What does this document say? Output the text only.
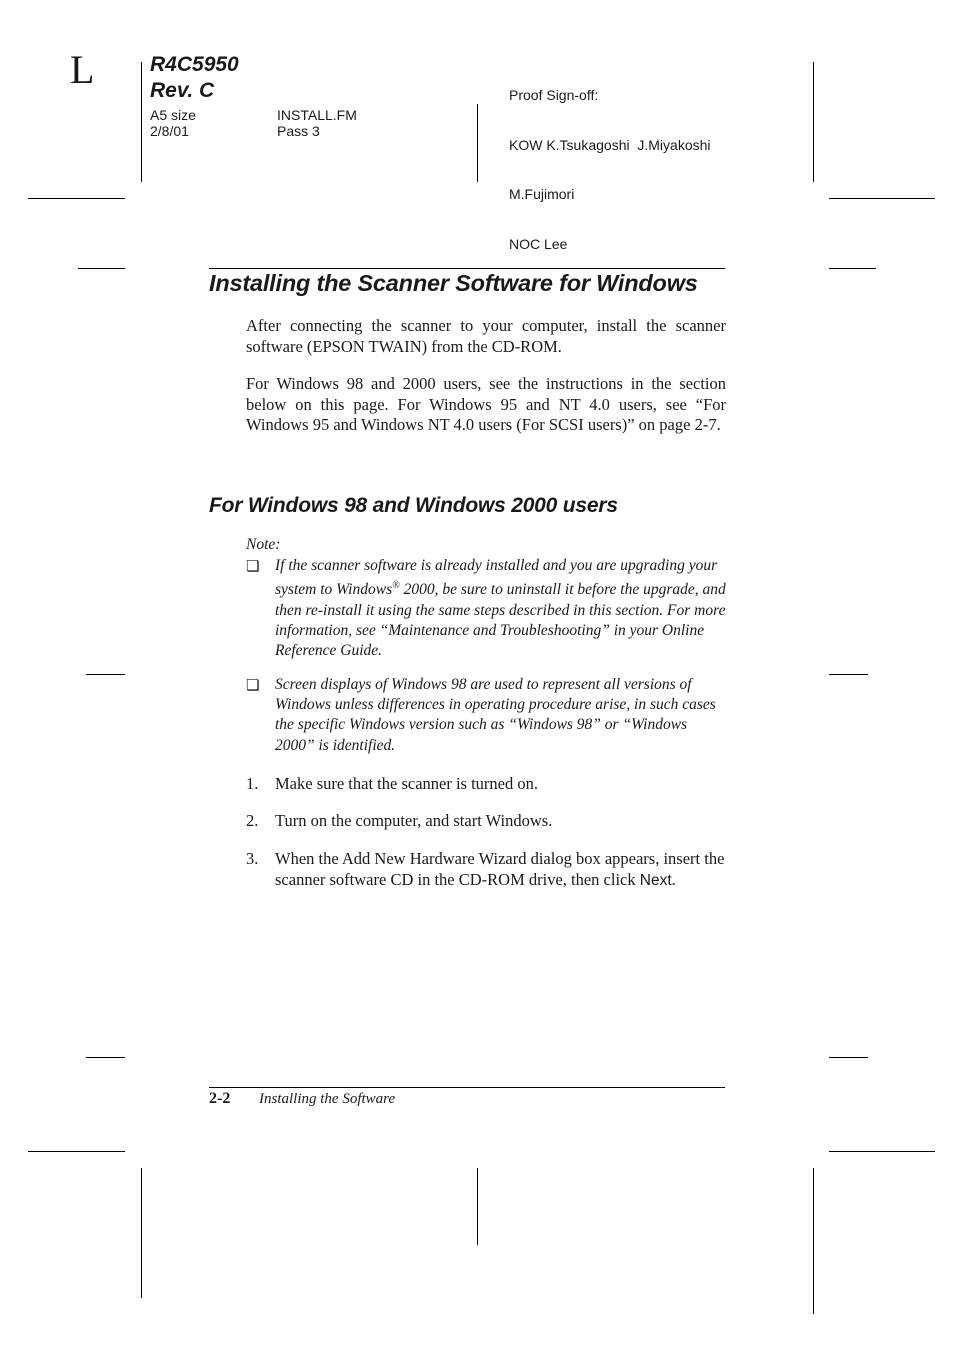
L	R4C5950
Rev. C
A5 size
2/8/01
INSTALL.FM
Pass 3

Proof Sign-off:

KOW K.Tsukagoshi  J.Miyakoshi

M.Fujimori

NOC Lee

Installing the Scanner Software for Windows
After connecting the scanner to your computer, install the scanner software (EPSON TWAIN) from the CD-ROM.
For Windows 98 and 2000 users, see the instructions in the section below on this page. For Windows 95 and NT 4.0 users, see “For Windows 95 and Windows NT 4.0 users (For SCSI users)” on page 2-7.
For Windows 98 and Windows 2000 users
Note:
❏ If the scanner software is already installed and you are upgrading your system to Windows® 2000, be sure to uninstall it before the upgrade, and then re-install it using the same steps described in this section. For more information, see “Maintenance and Troubleshooting” in your Online Reference Guide.
❏ Screen displays of Windows 98 are used to represent all versions of Windows unless differences in operating procedure arise, in such cases the specific Windows version such as “Windows 98” or “Windows 2000” is identified.
1. Make sure that the scanner is turned on.
2. Turn on the computer, and start Windows.
3. When the Add New Hardware Wizard dialog box appears, insert the scanner software CD in the CD-ROM drive, then click Next.
2-2 Installing the Software
